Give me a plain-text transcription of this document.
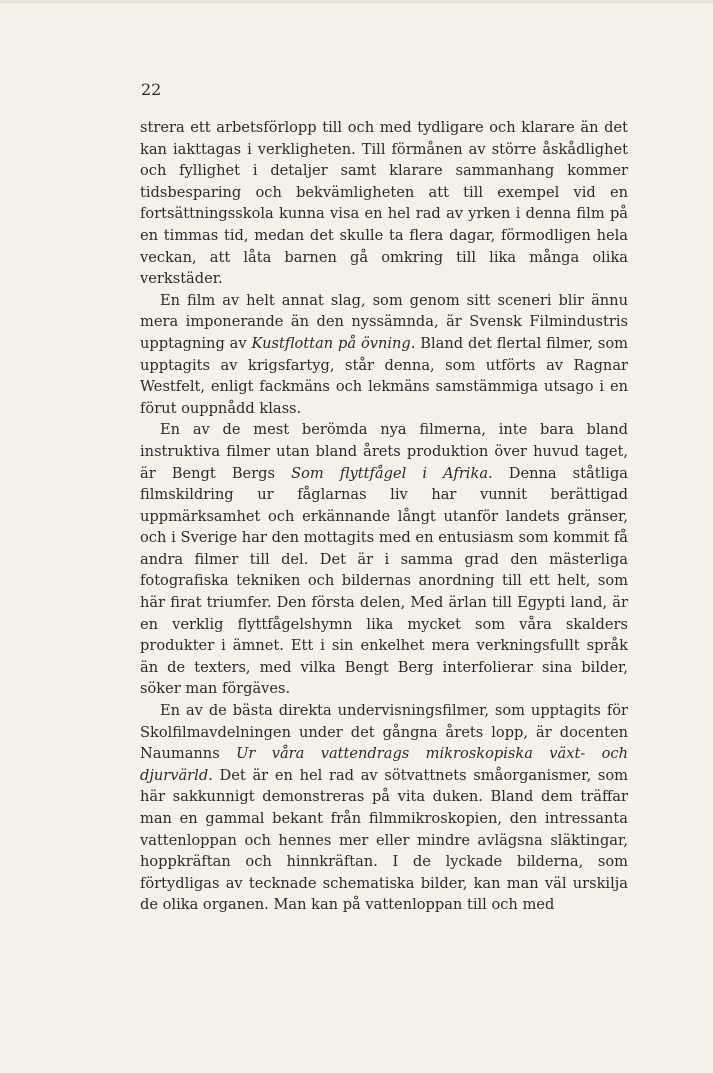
22

strera ett arbetsförlopp till och med tydligare och klarare än det kan iakttagas i verkligheten. Till förmånen av större åskådlighet och fyllighet i detaljer samt klarare sammanhang kommer tidsbesparing och bekvämligheten att till exempel vid en fortsättningsskola kunna visa en hel rad av yrken i denna film på en timmas tid, medan det skulle ta flera dagar, förmodligen hela veckan, att låta barnen gå omkring till lika många olika verkstäder.

En film av helt annat slag, som genom sitt sceneri blir ännu mera imponerande än den nyssämnda, är Svensk Filmindustris upptagning av Kustflottan på övning. Bland det flertal filmer, som upptagits av krigsfartyg, står denna, som utförts av Ragnar Westfelt, enligt fackmäns och lekmäns samstämmiga utsago i en förut ouppnådd klass.

En av de mest berömda nya filmerna, inte bara bland instruktiva filmer utan bland årets produktion över huvud taget, är Bengt Bergs Som flyttfågel i Afrika. Denna ståtliga filmskildring ur fåglarnas liv har vunnit berättigad uppmärksamhet och erkännande långt utanför landets gränser, och i Sverige har den mottagits med en entusiasm som kommit få andra filmer till del. Det är i samma grad den mästerliga fotografiska tekniken och bildernas anordning till ett helt, som här firat triumfer. Den första delen, Med ärlan till Egypti land, är en verklig flyttfågelshymn lika mycket som våra skalders produkter i ämnet. Ett i sin enkelhet mera verkningsfullt språk än de texters, med vilka Bengt Berg interfolierar sina bilder, söker man förgäves.

En av de bästa direkta undervisningsfilmer, som upptagits för Skolfilmavdelningen under det gångna årets lopp, är docenten Naumanns Ur våra vattendrags mikroskopiska växt- och djurvärld. Det är en hel rad av sötvattnets småorganismer, som här sakkunnigt demonstreras på vita duken. Bland dem träffar man en gammal bekant från filmmikroskopien, den intressanta vattenloppan och hennes mer eller mindre avlägsna släktingar, hoppkräftan och hinnkräftan. I de lyckade bilderna, som förtydligas av tecknade schematiska bilder, kan man väl urskilja de olika organen. Man kan på vattenloppan till och med
